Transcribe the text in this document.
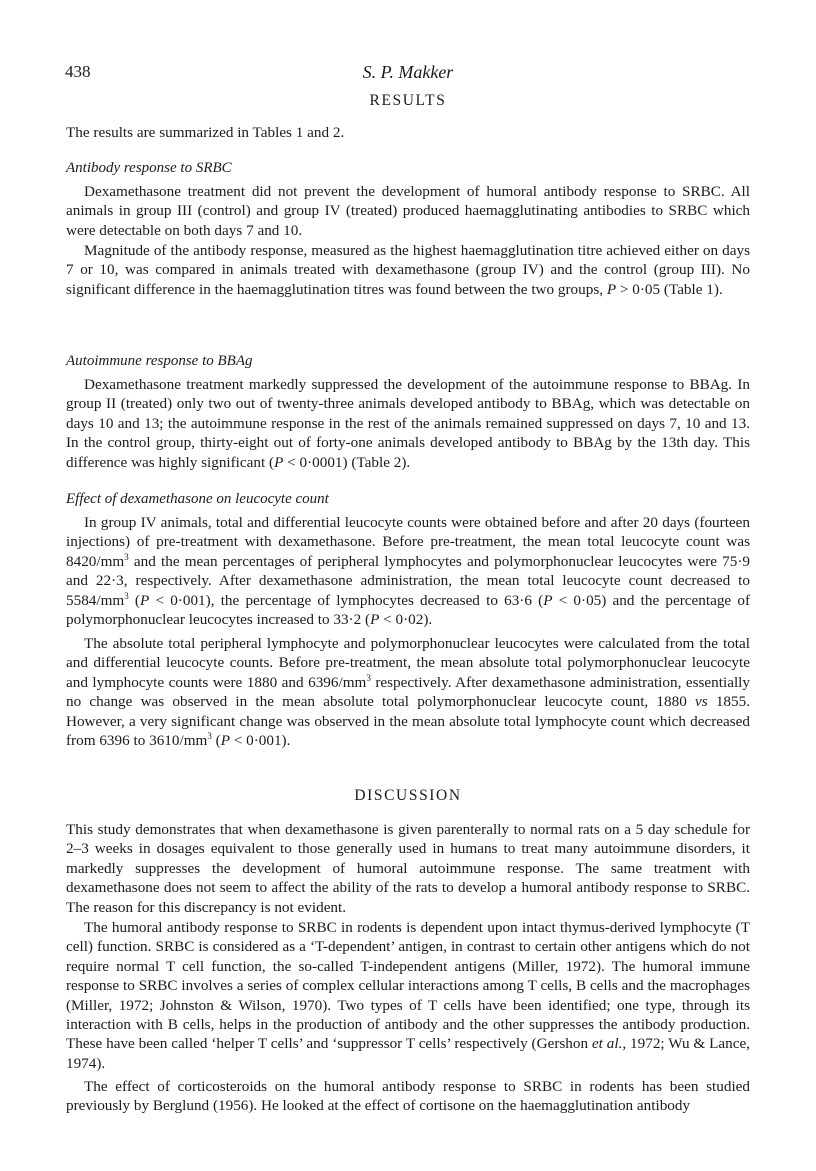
438	S. P. Makker
RESULTS

The results are summarized in Tables 1 and 2.

Antibody response to SRBC

Dexamethasone treatment did not prevent the development of humoral antibody response to SRBC. All animals in group III (control) and group IV (treated) produced haemagglutinating antibodies to SRBC which were detectable on both days 7 and 10.

Magnitude of the antibody response, measured as the highest haemagglutination titre achieved either on days 7 or 10, was compared in animals treated with dexamethasone (group IV) and the control (group III). No significant difference in the haemagglutination titres was found between the two groups, P > 0·05 (Table 1).

Autoimmune response to BBAg

Dexamethasone treatment markedly suppressed the development of the autoimmune response to BBAg. In group II (treated) only two out of twenty-three animals developed antibody to BBAg, which was detectable on days 10 and 13; the autoimmune response in the rest of the animals remained suppressed on days 7, 10 and 13. In the control group, thirty-eight out of forty-one animals developed antibody to BBAg by the 13th day. This difference was highly significant (P < 0·0001) (Table 2).

Effect of dexamethasone on leucocyte count

In group IV animals, total and differential leucocyte counts were obtained before and after 20 days (fourteen injections) of pre-treatment with dexamethasone. Before pre-treatment, the mean total leucocyte count was $8420/mm^3$ and the mean percentages of peripheral lymphocytes and polymorphonuclear leucocytes were 75·9 and 22·3, respectively. After dexamethasone administration, the mean total leucocyte count decreased to $5584/mm^3$ (P < 0·001), the percentage of lymphocytes decreased to 63·6 (P < 0·05) and the percentage of polymorphonuclear leucocytes increased to 33·2 (P < 0·02).

The absolute total peripheral lymphocyte and polymorphonuclear leucocytes were calculated from the total and differential leucocyte counts. Before pre-treatment, the mean absolute total polymorphonuclear leucocyte and lymphocyte counts were 1880 and $6396/mm^3$ respectively. After dexamethasone administration, essentially no change was observed in the mean absolute total polymorphonuclear leucocyte count, 1880 vs 1855. However, a very significant change was observed in the mean absolute total lymphocyte count which decreased from 6396 to $3610/mm^3$ (P < 0·001).

DISCUSSION

This study demonstrates that when dexamethasone is given parenterally to normal rats on a 5 day schedule for 2–3 weeks in dosages equivalent to those generally used in humans to treat many autoimmune disorders, it markedly suppresses the development of humoral autoimmune response. The same treatment with dexamethasone does not seem to affect the ability of the rats to develop a humoral antibody response to SRBC. The reason for this discrepancy is not evident.

The humoral antibody response to SRBC in rodents is dependent upon intact thymus-derived lymphocyte (T cell) function. SRBC is considered as a ‘T-dependent’ antigen, in contrast to certain other antigens which do not require normal T cell function, the so-called T-independent antigens (Miller, 1972). The humoral immune response to SRBC involves a series of complex cellular interactions among T cells, B cells and the macrophages (Miller, 1972; Johnston & Wilson, 1970). Two types of T cells have been identified; one type, through its interaction with B cells, helps in the production of antibody and the other suppresses the antibody production. These have been called ‘helper T cells’ and ‘suppressor T cells’ respectively (Gershon et al., 1972; Wu & Lance, 1974).

The effect of corticosteroids on the humoral antibody response to SRBC in rodents has been studied previously by Berglund (1956). He looked at the effect of cortisone on the haemagglutination antibody
